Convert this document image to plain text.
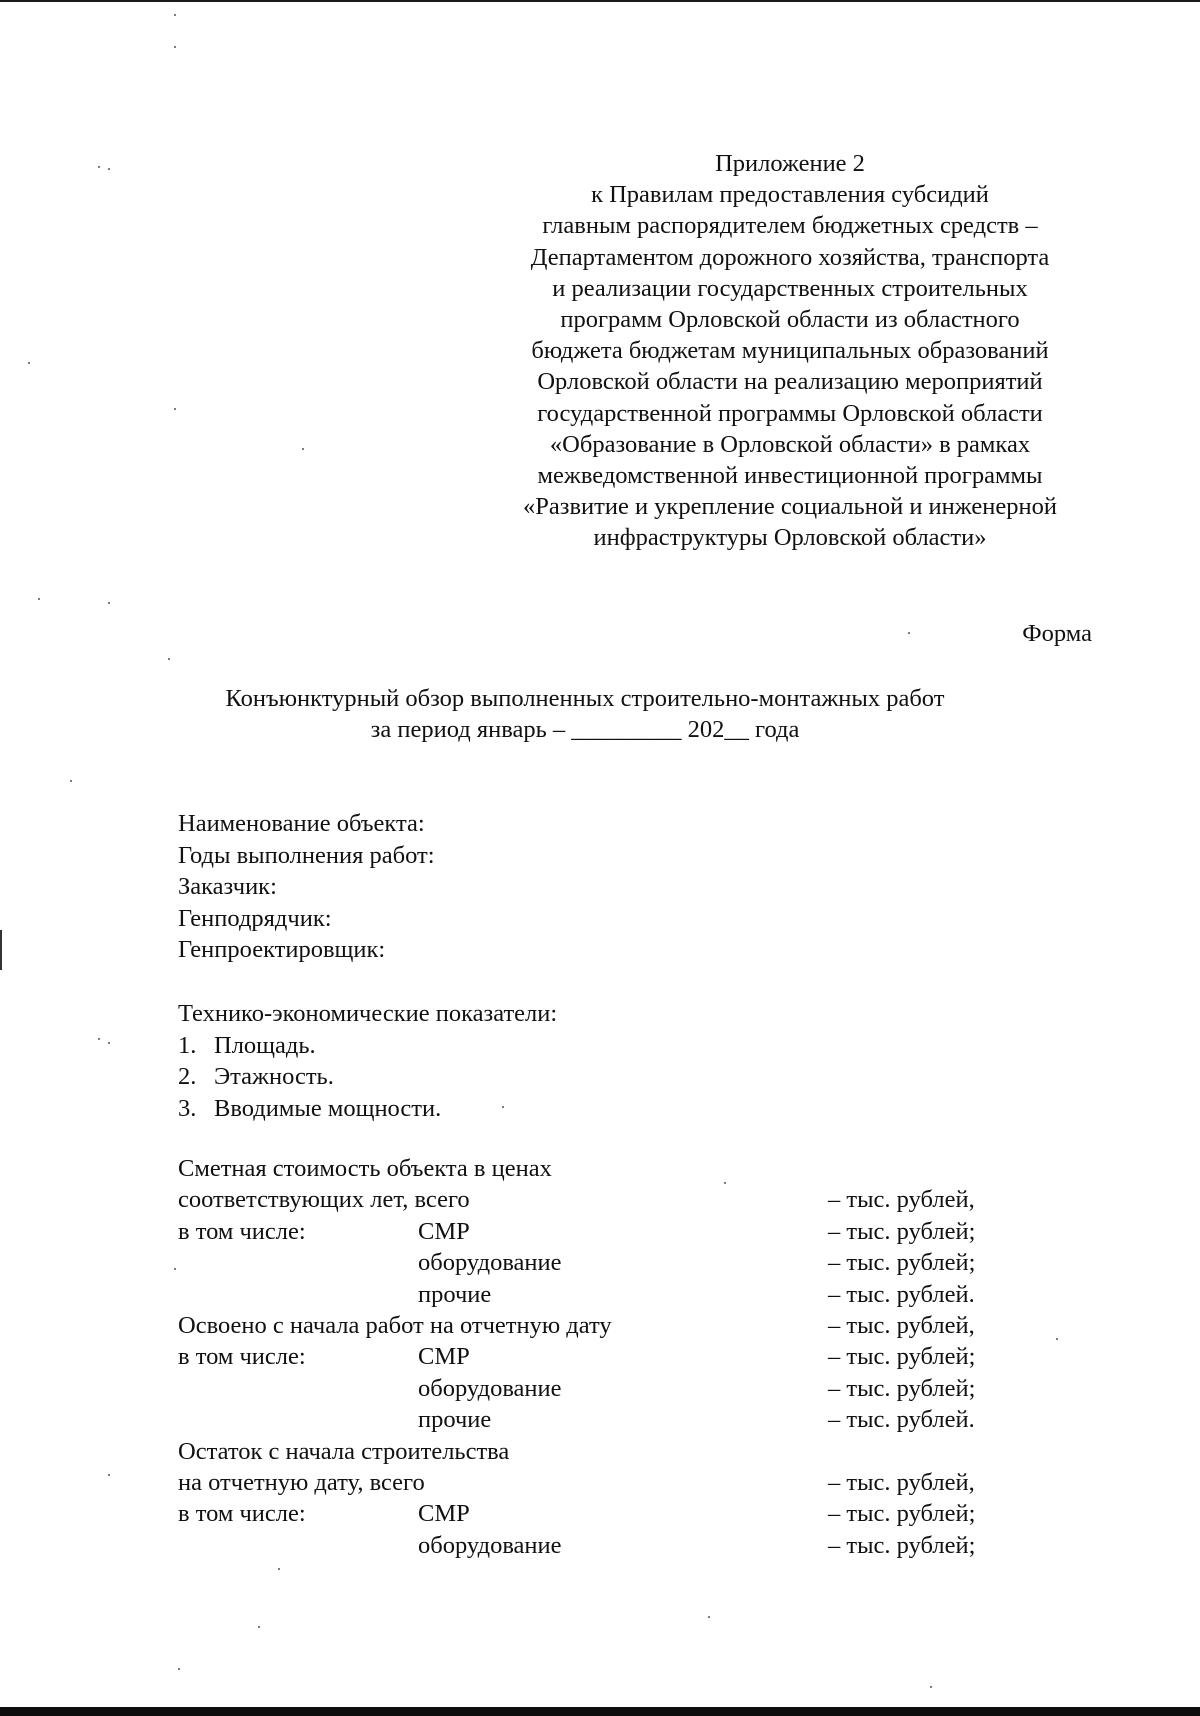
Приложение 2
к Правилам предоставления субсидий
главным распорядителем бюджетных средств –
Департаментом дорожного хозяйства, транспорта
и реализации государственных строительных
программ Орловской области из областного
бюджета бюджетам муниципальных образований
Орловской области на реализацию мероприятий
государственной программы Орловской области
«Образование в Орловской области» в рамках
межведомственной инвестиционной программы
«Развитие и укрепление социальной и инженерной
инфраструктуры Орловской области»
Форма
Конъюнктурный обзор выполненных строительно-монтажных работ
за период январь – _________ 202__ года
Наименование объекта:
Годы выполнения работ:
Заказчик:
Генподрядчик:
Генпроектировщик:
Технико-экономические показатели:
1. Площадь.
2. Этажность.
3. Вводимые мощности.
Сметная стоимость объекта в ценах
соответствующих лет, всего	– тыс. рублей,
в том числе:	СМР	– тыс. рублей;
оборудование	– тыс. рублей;
прочие	– тыс. рублей.
Освоено с начала работ на отчетную дату	– тыс. рублей,
в том числе:	СМР	– тыс. рублей;
оборудование	– тыс. рублей;
прочие	– тыс. рублей.
Остаток с начала строительства
на отчетную дату, всего	– тыс. рублей,
в том числе:	СМР	– тыс. рублей;
оборудование	– тыс. рублей;
